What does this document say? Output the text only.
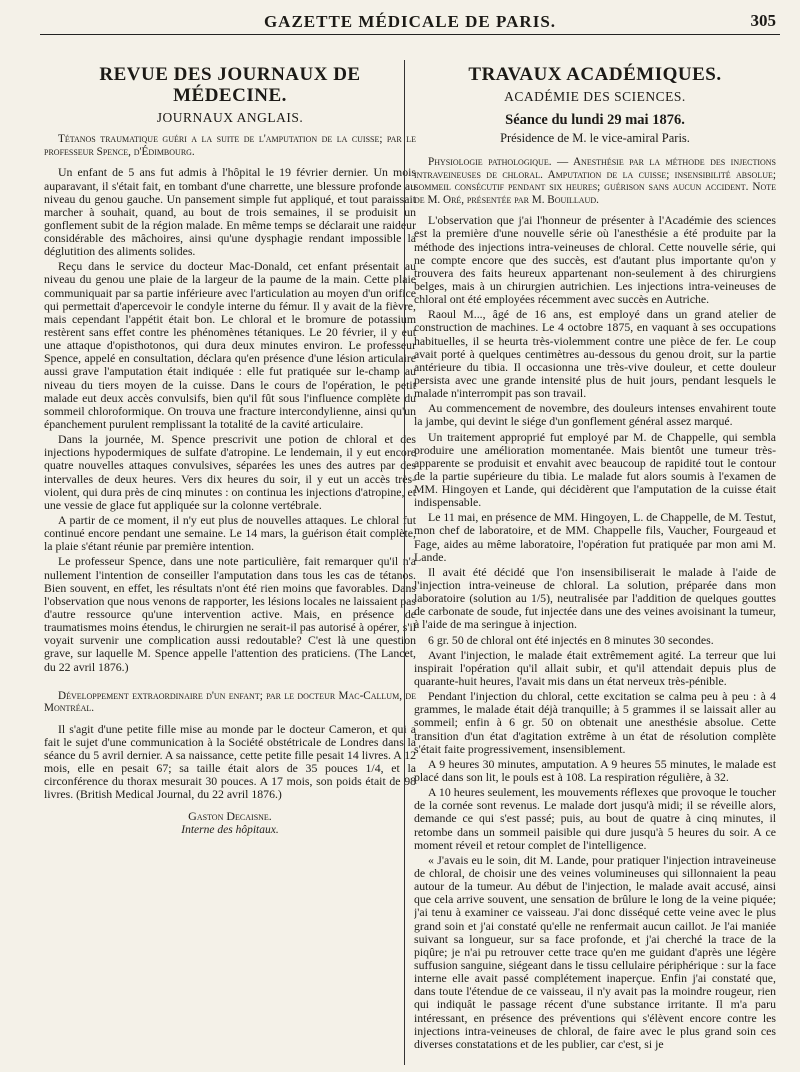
GAZETTE MÉDICALE DE PARIS.	305
REVUE DES JOURNAUX DE MÉDECINE.
JOURNAUX ANGLAIS.
Tétanos traumatique guéri a la suite de l'amputation de la cuisse; par le professeur Spence, d'Édimbourg.

Un enfant de 5 ans fut admis à l'hôpital le 19 février dernier. Un mois auparavant, il s'était fait, en tombant d'une charrette, une blessure profonde au niveau du genou gauche. Un pansement simple fut appliqué, et tout paraissait marcher à souhait, quand, au bout de trois semaines, il se produisit un gonflement subit de la région malade. En même temps se déclarait une raideur considérable des mâchoires, ainsi qu'une dysphagie rendant impossible la déglutition des aliments solides.

Reçu dans le service du docteur Mac-Donald, cet enfant présentait au niveau du genou une plaie de la largeur de la paume de la main. Cette plaie communiquait par sa partie inférieure avec l'articulation au moyen d'un orifice qui permettait d'apercevoir le condyle interne du fémur. Il y avait de la fièvre, mais cependant l'appétit était bon. Le chloral et le bromure de potassium restèrent sans effet contre les phénomènes tétaniques. Le 20 février, il y eut une attaque d'opisthotonos, qui dura deux minutes environ. Le professeur Spence, appelé en consultation, déclara qu'en présence d'une lésion articulaire aussi grave l'amputation était indiquée : elle fut pratiquée sur le-champ au niveau du tiers moyen de la cuisse. Dans le cours de l'opération, le petit malade eut deux accès convulsifs, bien qu'il fût sous l'influence complète du sommeil chloroformique. On trouva une fracture intercondylienne, ainsi qu'un épanchement purulent remplissant la totalité de la cavité articulaire.

Dans la journée, M. Spence prescrivit une potion de chloral et des injections hypodermiques de sulfate d'atropine. Le lendemain, il y eut encore quatre nouvelles attaques convulsives, séparées les unes des autres par des intervalles de deux heures. Vers dix heures du soir, il y eut un accès très-violent, qui dura près de cinq minutes : on continua les injections d'atropine, et une vessie de glace fut appliquée sur la colonne vertébrale.

A partir de ce moment, il n'y eut plus de nouvelles attaques. Le chloral fut continué encore pendant une semaine. Le 14 mars, la guérison était complète, la plaie s'étant réunie par première intention.

Le professeur Spence, dans une note particulière, fait remarquer qu'il n'a nullement l'intention de conseiller l'amputation dans tous les cas de tétanos. Bien souvent, en effet, les résultats n'ont été rien moins que favorables. Dans l'observation que nous venons de rapporter, les lésions locales ne laissaient pas d'autre ressource qu'une intervention active. Mais, en présence de traumatismes moins étendus, le chirurgien ne serait-il pas autorisé à opérer, s'il voyait survenir une complication aussi redoutable? C'est là une question grave, sur laquelle M. Spence appelle l'attention des praticiens. (The Lancet, du 22 avril 1876.)

Développement extraordinaire d'un enfant; par le docteur Mac-Callum, de Montréal.

Il s'agit d'une petite fille mise au monde par le docteur Cameron, et qui a fait le sujet d'une communication à la Société obstétricale de Londres dans la séance du 5 avril dernier. A sa naissance, cette petite fille pesait 14 livres. A 12 mois, elle en pesait 67; sa taille était alors de 35 pouces 1/4, et la circonférence du thorax mesurait 30 pouces. A 17 mois, son poids était de 98 livres. (British Medical Journal, du 22 avril 1876.)

Gaston Decaisne.
Interne des hôpitaux.
TRAVAUX ACADÉMIQUES.
ACADÉMIE DES SCIENCES.
Séance du lundi 29 mai 1876.
Présidence de M. le vice-amiral Paris.
Physiologie pathologique. — Anesthésie par la méthode des injections intraveineuses de chloral. Amputation de la cuisse; insensibilité absolue; sommeil consécutif pendant six heures; guérison sans aucun accident. Note de M. Oré, présentée par M. Bouillaud.

L'observation que j'ai l'honneur de présenter à l'Académie des sciences est la première d'une nouvelle série où l'anesthésie a été produite par la méthode des injections intra-veineuses de chloral. Cette nouvelle série, qui ne compte encore que des succès, est d'autant plus importante qu'on y trouvera des faits heureux appartenant non-seulement à des chirurgiens belges, mais à un chirurgien autrichien. Les injections intra-veineuses de chloral ont été employées récemment avec succès en Autriche.

Raoul M..., âgé de 16 ans, est employé dans un grand atelier de construction de machines. Le 4 octobre 1875, en vaquant à ses occupations habituelles, il se heurta très-violemment contre une pièce de fer. Le coup avait porté à quelques centimètres au-dessous du genou droit, sur la partie antérieure du tibia. Il occasionna une très-vive douleur, et cette douleur persista avec une grande intensité plus de huit jours, pendant lesquels le malade n'interrompit pas son travail.

Au commencement de novembre, des douleurs intenses envahirent toute la jambe, qui devint le siége d'un gonflement général assez marqué.

Un traitement approprié fut employé par M. de Chappelle, qui sembla produire une amélioration momentanée. Mais bientôt une tumeur très-apparente se produisit et envahit avec beaucoup de rapidité tout le contour de la partie supérieure du tibia. Le malade fut alors soumis à l'examen de MM. Hingoyen et Lande, qui décidèrent que l'amputation de la cuisse était indispensable.

Le 11 mai, en présence de MM. Hingoyen, L. de Chappelle, de M. Testut, mon chef de laboratoire, et de MM. Chappelle fils, Vaucher, Fourgeaud et Fage, aides au même laboratoire, l'opération fut pratiquée par mon ami M. Lande.

Il avait été décidé que l'on insensibiliserait le malade à l'aide de l'injection intra-veineuse de chloral. La solution, préparée dans mon laboratoire (solution au 1/5), neutralisée par l'addition de quelques gouttes de carbonate de soude, fut injectée dans une des veines avoisinant la tumeur, à l'aide de ma seringue à injection.

6 gr. 50 de chloral ont été injectés en 8 minutes 30 secondes.

Avant l'injection, le malade était extrêmement agité. La terreur que lui inspirait l'opération qu'il allait subir, et qu'il attendait depuis plus de quarante-huit heures, l'avait mis dans un état nerveux très-pénible.

Pendant l'injection du chloral, cette excitation se calma peu à peu : à 4 grammes, le malade était déjà tranquille; à 5 grammes il se laissait aller au sommeil; enfin à 6 gr. 50 on obtenait une anesthésie absolue. Cette transition d'un état d'agitation extrême à un état de résolution complète s'était faite progressivement, insensiblement.

A 9 heures 30 minutes, amputation. A 9 heures 55 minutes, le malade est placé dans son lit, le pouls est à 108. La respiration régulière, à 32.

A 10 heures seulement, les mouvements réflexes que provoque le toucher de la cornée sont revenus. Le malade dort jusqu'à midi; il se réveille alors, demande ce qui s'est passé; puis, au bout de quatre à cinq minutes, il retombe dans un sommeil paisible qui dure jusqu'à 5 heures du soir. A ce moment réveil et retour complet de l'intelligence.

« J'avais eu le soin, dit M. Lande, pour pratiquer l'injection intraveineuse de chloral, de choisir une des veines volumineuses qui sillonnaient la peau autour de la tumeur. Au début de l'injection, le malade avait accusé, ainsi que cela arrive souvent, une sensation de brûlure le long de la veine piquée; j'ai tenu à examiner ce vaisseau. J'ai donc disséqué cette veine avec le plus grand soin et j'ai constaté qu'elle ne renfermait aucun caillot. Je l'ai maniée suivant sa longueur, sur sa face profonde, et j'ai cherché la trace de la piqûre; je n'ai pu retrouver cette trace qu'en me guidant d'après une légère suffusion sanguine, siégeant dans le tissu cellulaire périphérique : sur la face interne elle avait passé complétement inaperçue. Enfin j'ai constaté que, dans toute l'étendue de ce vaisseau, il n'y avait pas la moindre rougeur, rien qui indiquât le passage récent d'une substance irritante. Il m'a paru intéressant, en présence des préventions qui s'élèvent encore contre les injections intra-veineuses de chloral, de faire avec le plus grand soin ces diverses constatations et de les publier, car c'est, si je
